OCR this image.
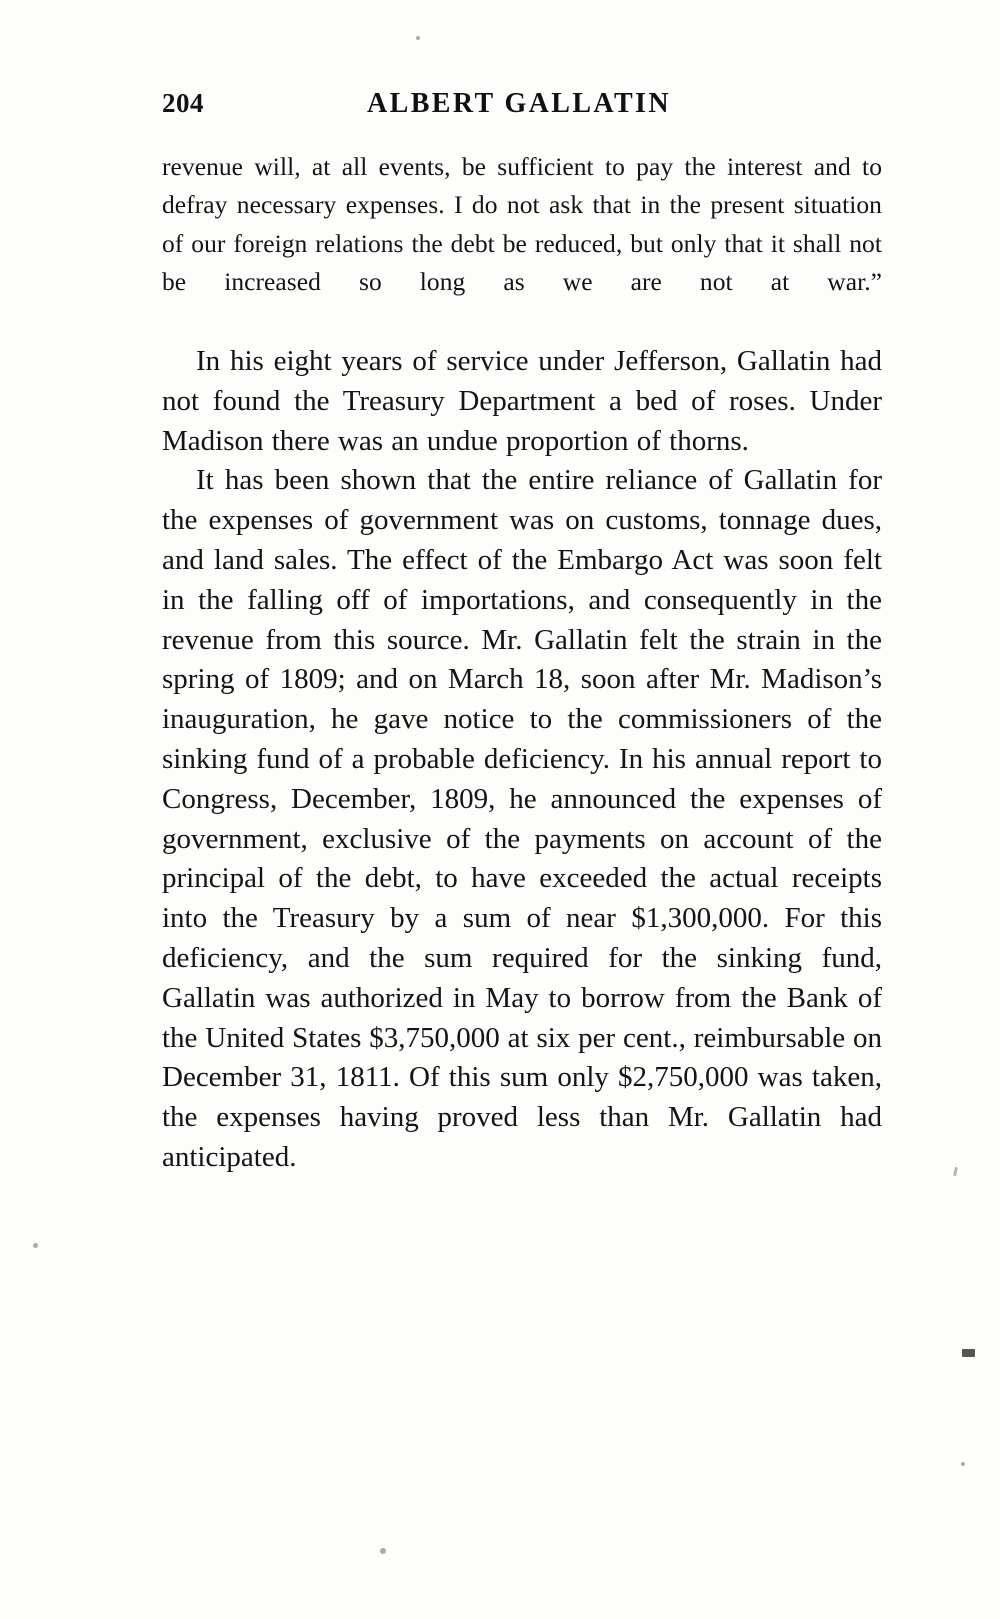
204	ALBERT GALLATIN

revenue will, at all events, be sufficient to pay the interest and to defray necessary expenses. I do not ask that in the present situation of our foreign relations the debt be reduced, but only that it shall not be increased so long as we are not at war.”

In his eight years of service under Jefferson, Gallatin had not found the Treasury Department a bed of roses. Under Madison there was an undue proportion of thorns.

It has been shown that the entire reliance of Gallatin for the expenses of government was on customs, tonnage dues, and land sales. The effect of the Embargo Act was soon felt in the falling off of importations, and consequently in the revenue from this source. Mr. Gallatin felt the strain in the spring of 1809; and on March 18, soon after Mr. Madison’s inauguration, he gave notice to the commissioners of the sinking fund of a probable deficiency. In his annual report to Congress, December, 1809, he announced the expenses of government, exclusive of the payments on account of the principal of the debt, to have exceeded the actual receipts into the Treasury by a sum of near $1,300,000. For this deficiency, and the sum required for the sinking fund, Gallatin was authorized in May to borrow from the Bank of the United States $3,750,000 at six per cent., reimbursable on December 31, 1811. Of this sum only $2,750,000 was taken, the expenses having proved less than Mr. Gallatin had anticipated.
